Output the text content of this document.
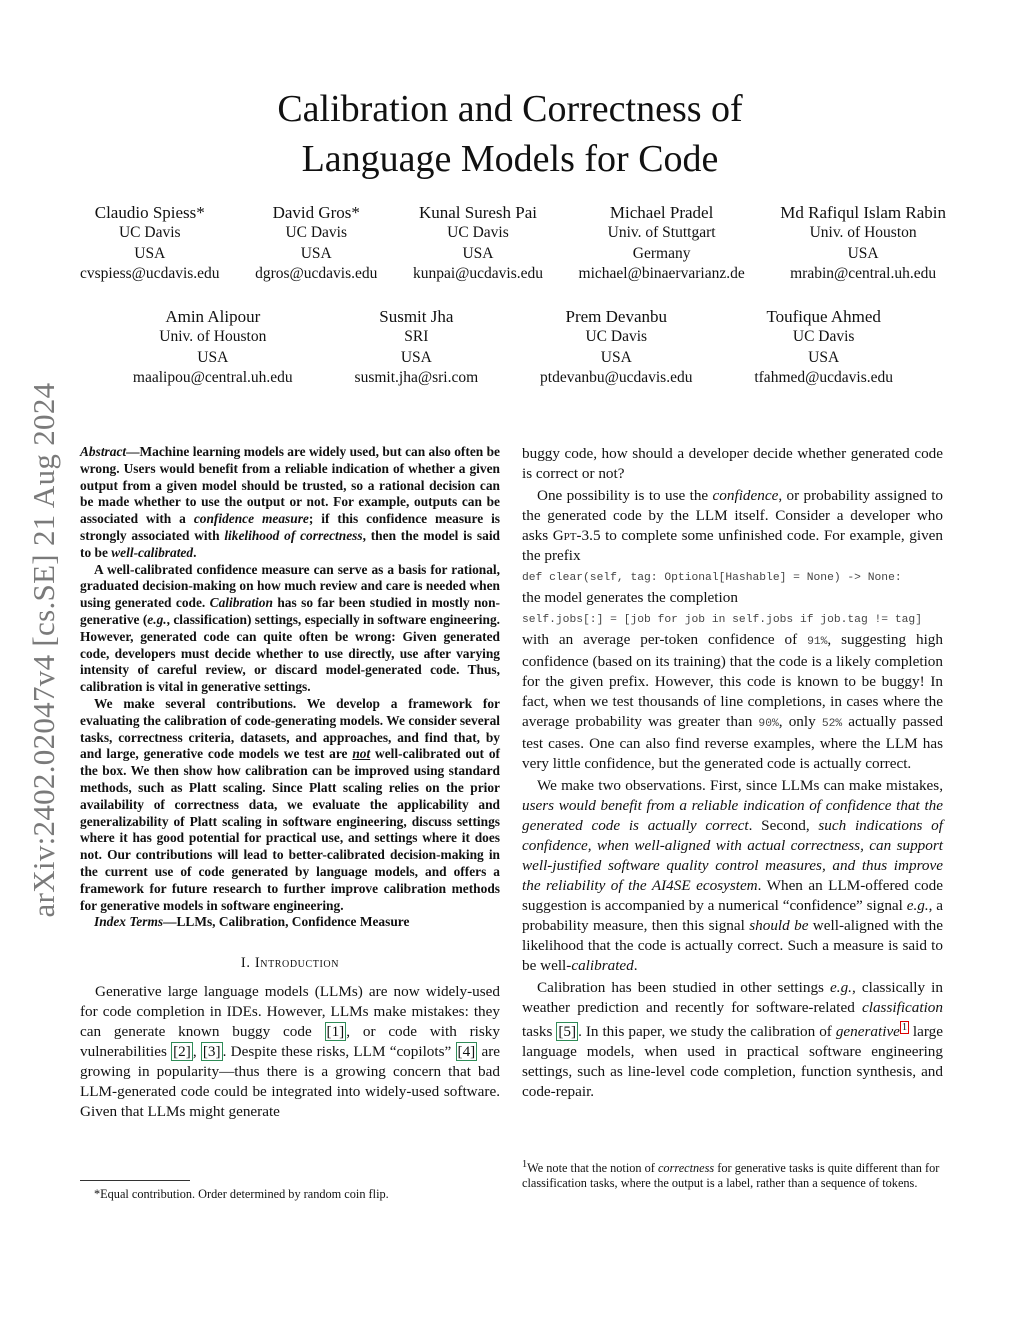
arXiv:2402.02047v4 [cs.SE] 21 Aug 2024
Calibration and Correctness of
Language Models for Code
Claudio Spiess*
UC Davis
USA
cvspiess@ucdavis.edu
David Gros*
UC Davis
USA
dgros@ucdavis.edu
Kunal Suresh Pai
UC Davis
USA
kunpai@ucdavis.edu
Michael Pradel
Univ. of Stuttgart
Germany
michael@binaervarianz.de
Md Rafiqul Islam Rabin
Univ. of Houston
USA
mrabin@central.uh.edu
Amin Alipour
Univ. of Houston
USA
maalipou@central.uh.edu
Susmit Jha
SRI
USA
susmit.jha@sri.com
Prem Devanbu
UC Davis
USA
ptdevanbu@ucdavis.edu
Toufique Ahmed
UC Davis
USA
tfahmed@ucdavis.edu

Abstract—Machine learning models are widely used, but can also often be wrong. Users would benefit from a reliable indication of whether a given output from a given model should be trusted, so a rational decision can be made whether to use the output or not. For example, outputs can be associated with a confidence measure; if this confidence measure is strongly associated with likelihood of correctness, then the model is said to be well-calibrated.

A well-calibrated confidence measure can serve as a basis for rational, graduated decision-making on how much review and care is needed when using generated code. Calibration has so far been studied in mostly non-generative (e.g., classification) settings, especially in software engineering. However, generated code can quite often be wrong: Given generated code, developers must decide whether to use directly, use after varying intensity of careful review, or discard model-generated code. Thus, calibration is vital in generative settings.

We make several contributions. We develop a framework for evaluating the calibration of code-generating models. We consider several tasks, correctness criteria, datasets, and approaches, and find that, by and large, generative code models we test are not well-calibrated out of the box. We then show how calibration can be improved using standard methods, such as Platt scaling. Since Platt scaling relies on the prior availability of correctness data, we evaluate the applicability and generalizability of Platt scaling in software engineering, discuss settings where it has good potential for practical use, and settings where it does not. Our contributions will lead to better-calibrated decision-making in the current use of code generated by language models, and offers a framework for future research to further improve calibration methods for generative models in software engineering.

Index Terms—LLMs, Calibration, Confidence Measure

I. Introduction

Generative large language models (LLMs) are now widely-used for code completion in IDEs. However, LLMs make mistakes: they can generate known buggy code [1] , or code with risky vulnerabilities [2] , [3] . Despite these risks, LLM “copilots” [4] are growing in popularity—thus there is a growing concern that bad LLM-generated code could be integrated into widely-used software. Given that LLMs might generate

*Equal contribution. Order determined by random coin flip.

buggy code, how should a developer decide whether generated code is correct or not?

One possibility is to use the confidence, or probability assigned to the generated code by the LLM itself. Consider a developer who asks Gpt-3.5 to complete some unfinished code. For example, given the prefix

def clear(self, tag: Optional[Hashable] = None) -> None:

the model generates the completion

self.jobs[:] = [job for job in self.jobs if job.tag != tag]

with an average per-token confidence of 91%, suggesting high confidence (based on its training) that the code is a likely completion for the given prefix. However, this code is known to be buggy! In fact, when we test thousands of line completions, in cases where the average probability was greater than 90%, only 52% actually passed test cases. One can also find reverse examples, where the LLM has very little confidence, but the generated code is actually correct.

We make two observations. First, since LLMs can make mistakes, users would benefit from a reliable indication of confidence that the generated code is actually correct. Second, such indications of confidence, when well-aligned with actual correctness, can support well-justified software quality control measures, and thus improve the reliability of the AI4SE ecosystem. When an LLM-offered code suggestion is accompanied by a numerical “confidence” signal e.g., a probability measure, then this signal should be well-aligned with the likelihood that the code is actually correct. Such a measure is said to be well-calibrated.

Calibration has been studied in other settings e.g., classically in weather prediction and recently for software-related classification tasks [5] . In this paper, we study the calibration of generative $^1$ large language models, when used in practical software engineering settings, such as line-level code completion, function synthesis, and code-repair.

$^1$We note that the notion of correctness for generative tasks is quite different than for classification tasks, where the output is a label, rather than a sequence of tokens.
